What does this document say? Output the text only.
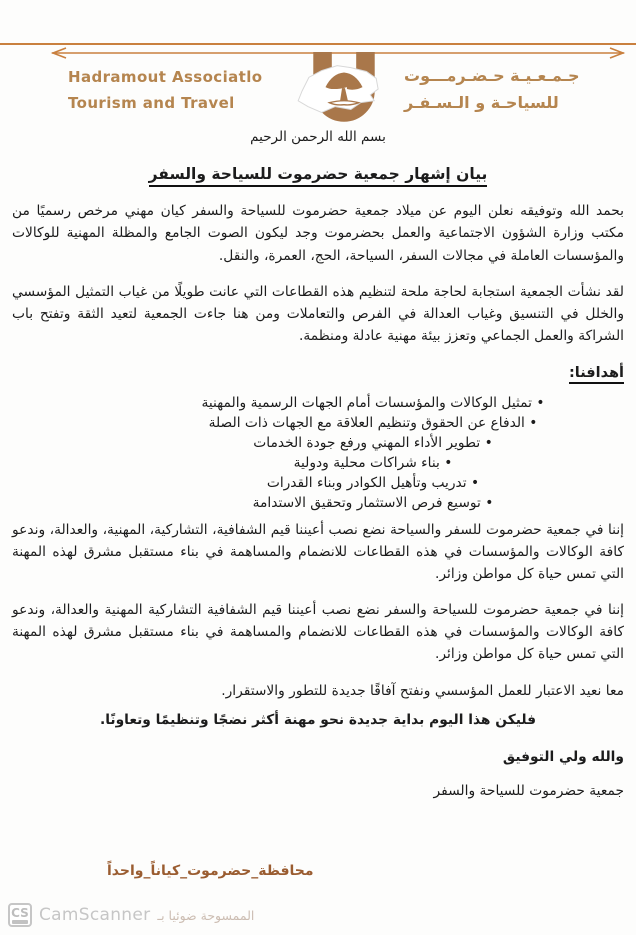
Hadramout Associatlo
Tourism and Travel
جـمـعـيـة حـضـرمـــوت
للسياحـة و الـسـفـر
بسم الله الرحمن الرحيم
بيان إشهار جمعية حضرموت للسياحة والسفر

بحمد الله وتوفيقه نعلن اليوم عن ميلاد جمعية حضرموت للسياحة والسفر كيان مهني مرخص رسميًا من مكتب وزارة الشؤون الاجتماعية والعمل بحضرموت وجد ليكون الصوت الجامع والمظلة المهنية للوكالات والمؤسسات العاملة في مجالات السفر، السياحة، الحج، العمرة، والنقل.

لقد نشأت الجمعية استجابة لحاجة ملحة لتنظيم هذه القطاعات التي عانت طويلًا من غياب التمثيل المؤسسي والخلل في التنسيق وغياب العدالة في الفرص والتعاملات ومن هنا جاءت الجمعية لتعيد الثقة وتفتح باب الشراكة والعمل الجماعي وتعزز بيئة مهنية عادلة ومنظمة.

أهدافنا:
• تمثيل الوكالات والمؤسسات أمام الجهات الرسمية والمهنية
• الدفاع عن الحقوق وتنظيم العلاقة مع الجهات ذات الصلة
• تطوير الأداء المهني ورفع جودة الخدمات
• بناء شراكات محلية ودولية
• تدريب وتأهيل الكوادر وبناء القدرات
• توسيع فرص الاستثمار وتحقيق الاستدامة

إننا في جمعية حضرموت للسفر والسياحة نضع نصب أعيننا قيم الشفافية، التشاركية، المهنية، والعدالة، وندعو كافة الوكالات والمؤسسات في هذه القطاعات للانضمام والمساهمة في بناء مستقبل مشرق لهذه المهنة التي تمس حياة كل مواطن وزائر.

إننا في جمعية حضرموت للسياحة والسفر نضع نصب أعيننا قيم الشفافية التشاركية المهنية والعدالة، وندعو كافة الوكالات والمؤسسات في هذه القطاعات للانضمام والمساهمة في بناء مستقبل مشرق لهذه المهنة التي تمس حياة كل مواطن وزائر.

معا نعيد الاعتبار للعمل المؤسسي ونفتح آفاقًا جديدة للتطور والاستقرار.
فليكن هذا اليوم بداية جديدة نحو مهنة أكثر نضجًا وتنظيمًا وتعاونًا.
والله ولي التوفيق
جمعية حضرموت للسياحة والسفر
محافظة_حضرموت_كياناً_واحداً
CS CamScanner الممسوحة ضوئيا بـ
